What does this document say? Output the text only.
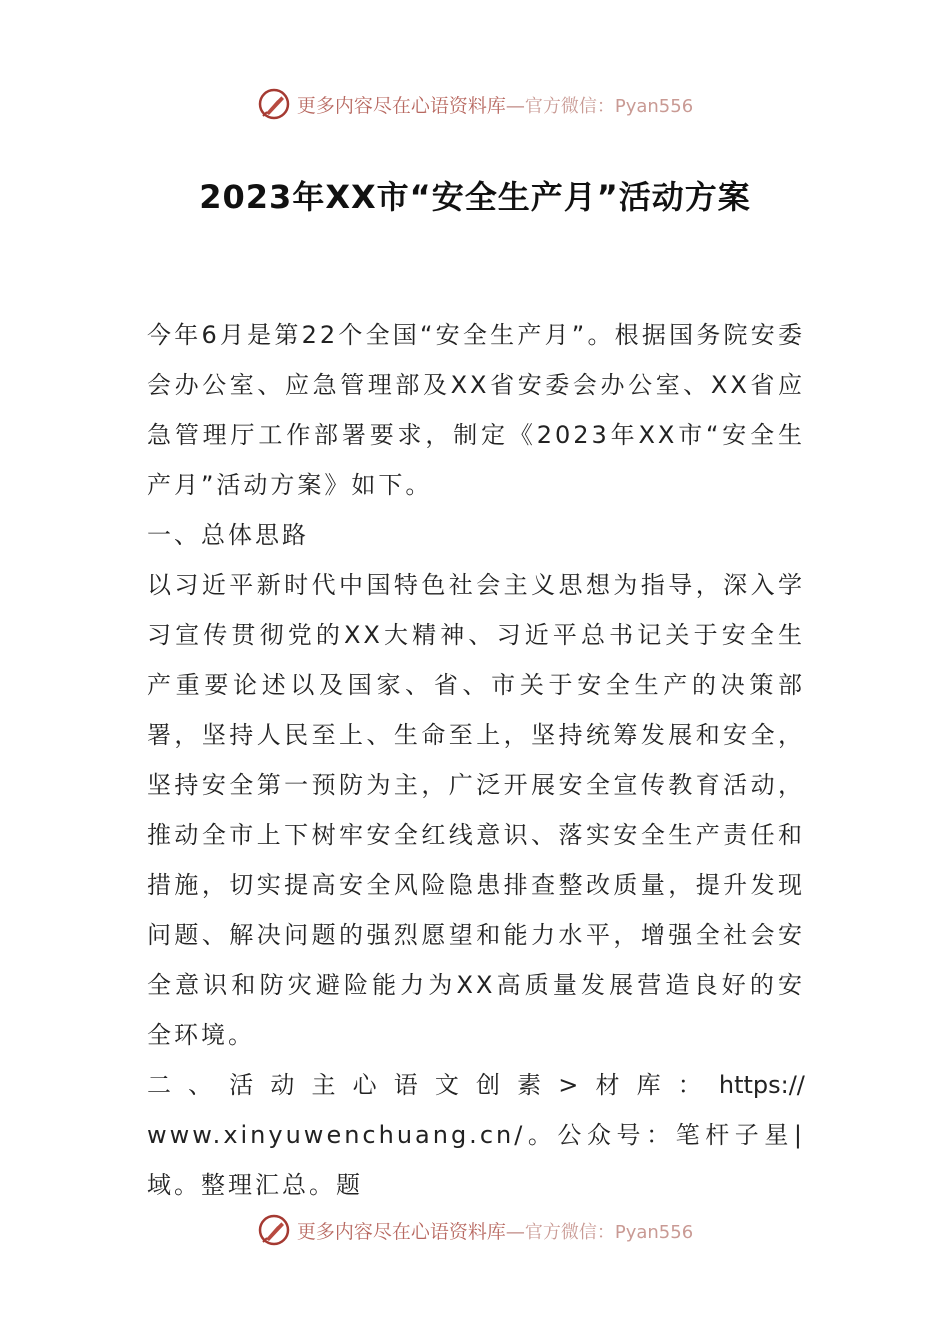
更多内容尽在心语资料库—官方微信：Pyan556
2023年XX市“安全生产月”活动方案

今年6月是第22个全国“安全生产月”。根据国务院安委会办公室、应急管理部及XX省安委会办公室、XX省应急管理厅工作部署要求，制定《2023年XX市“安全生产月”活动方案》如下。

一、总体思路

以习近平新时代中国特色社会主义思想为指导，深入学习宣传贯彻党的XX大精神、习近平总书记关于安全生产重要论述以及国家、省、市关于安全生产的决策部署，坚持人民至上、生命至上，坚持统筹发展和安全，坚持安全第一预防为主，广泛开展安全宣传教育活动，推动全市上下树牢安全红线意识、落实安全生产责任和措施，切实提高安全风险隐患排查整改质量，提升发现问题、解决问题的强烈愿望和能力水平，增强全社会安全意识和防灾避险能力为XX高质量发展营造良好的安全环境。

二 、 活 动 主 心 语 文 创 素 > 材 库 ： https://

www.xinyuwenchuang.cn/。公众号：笔杆子星|域。整理汇总。题

更多内容尽在心语资料库—官方微信：Pyan556
